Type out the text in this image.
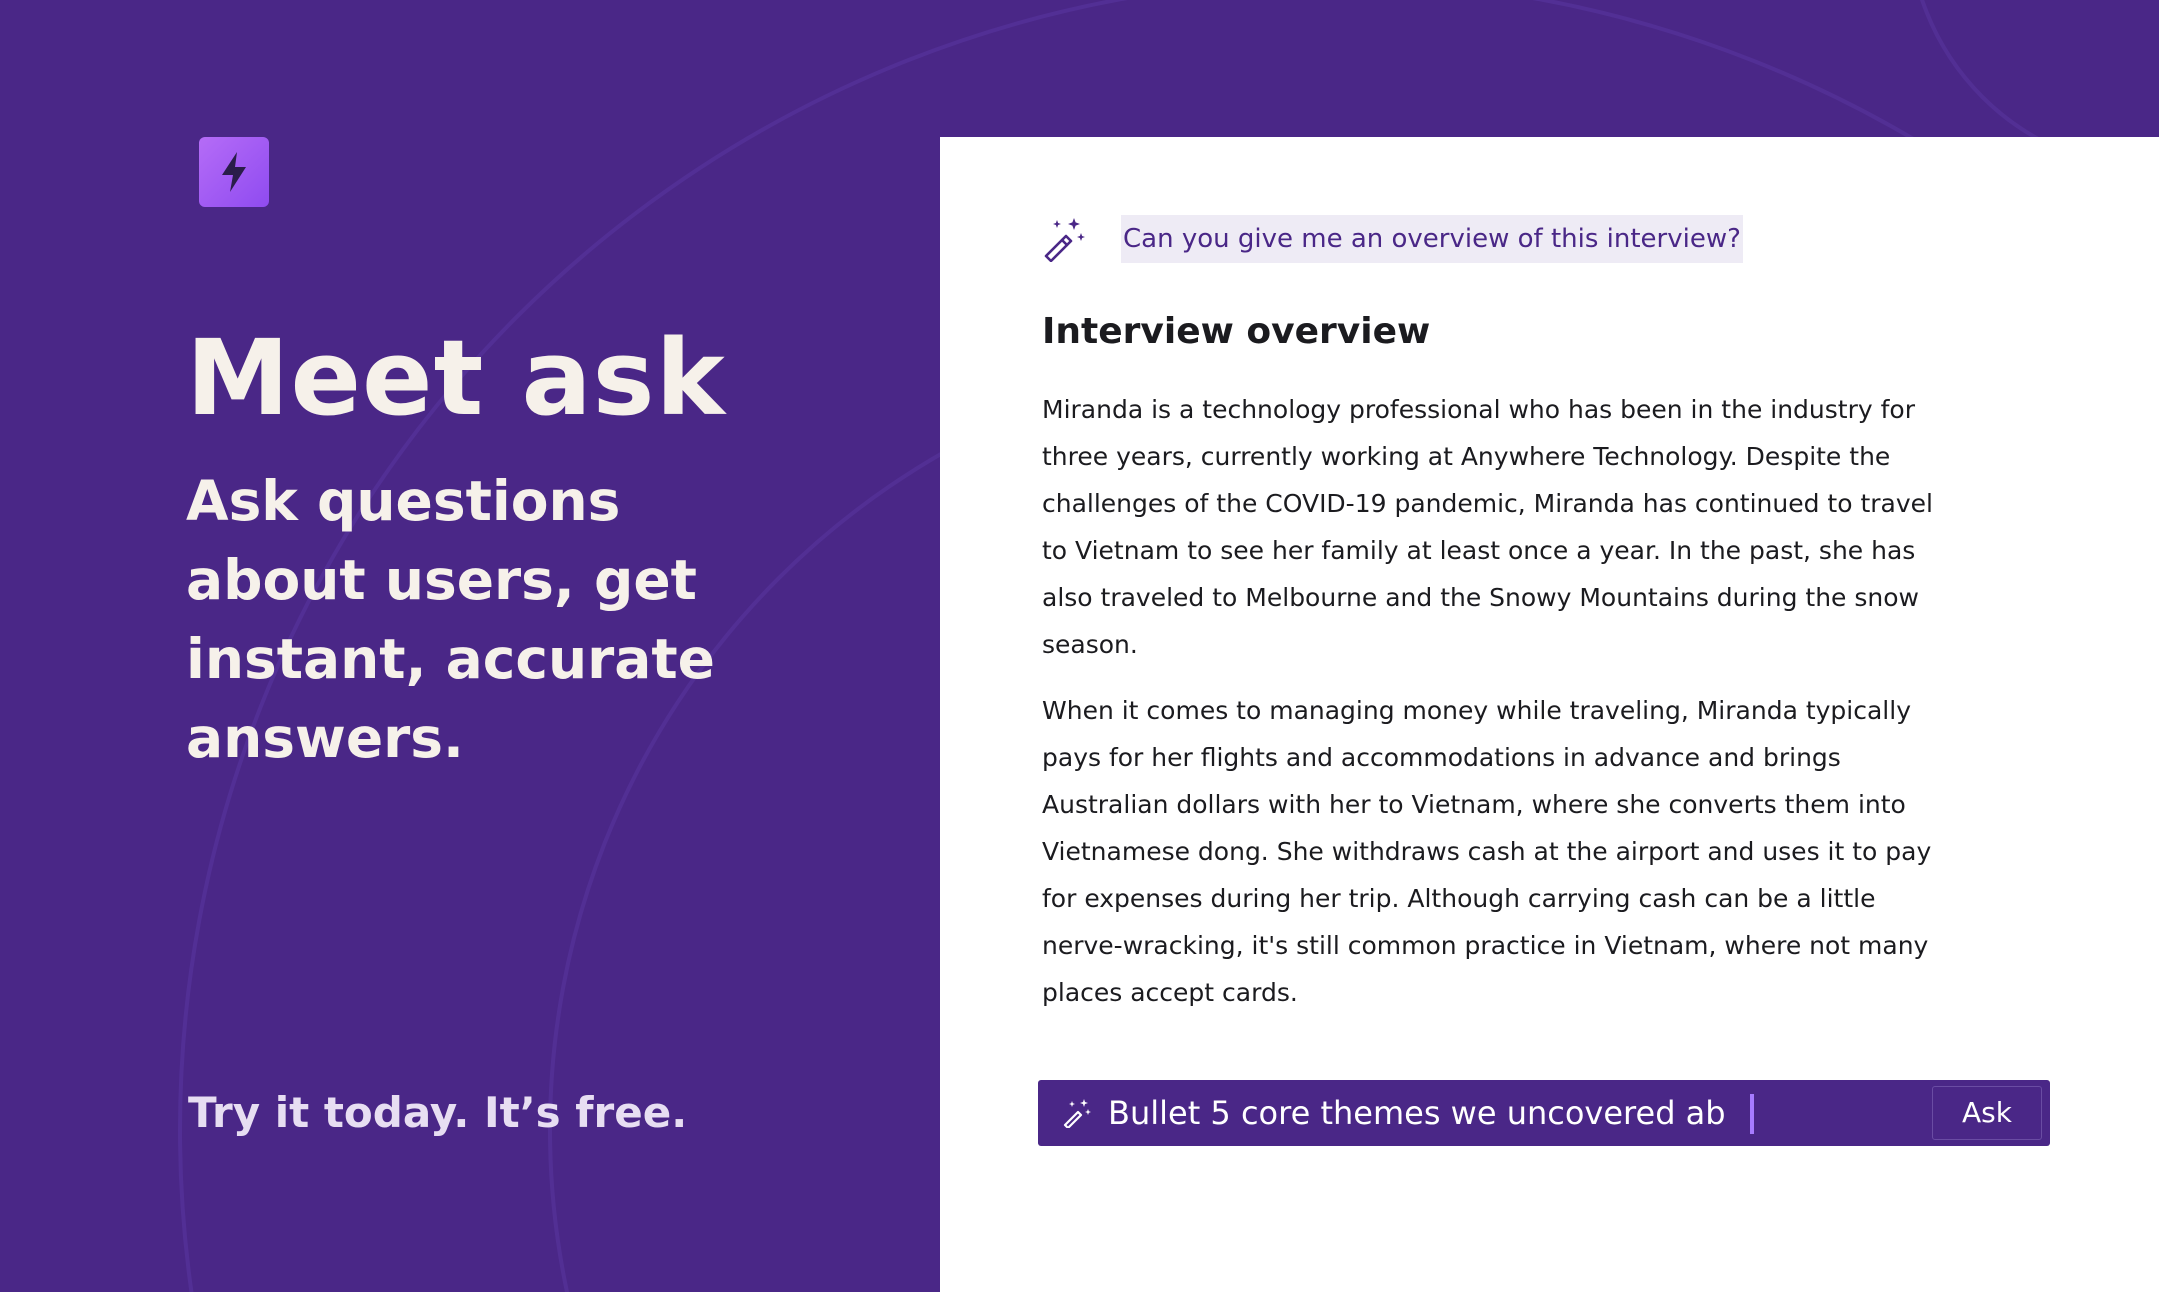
Meet ask

Ask questions about users, get instant, accurate answers.

Try it today. It’s free.

Can you give me an overview of this interview?
Interview overview

Miranda is a technology professional who has been in the industry for three years, currently working at Anywhere Technology. Despite the challenges of the COVID-19 pandemic, Miranda has continued to travel to Vietnam to see her family at least once a year. In the past, she has also traveled to Melbourne and the Snowy Mountains during the snow season.

When it comes to managing money while traveling, Miranda typically pays for her flights and accommodations in advance and brings Australian dollars with her to Vietnam, where she converts them into Vietnamese dong. She withdraws cash at the airport and uses it to pay for expenses during her trip. Although carrying cash can be a little nerve-wracking, it's still common practice in Vietnam, where not many places accept cards.

Bullet 5 core themes we uncovered ab	Ask
